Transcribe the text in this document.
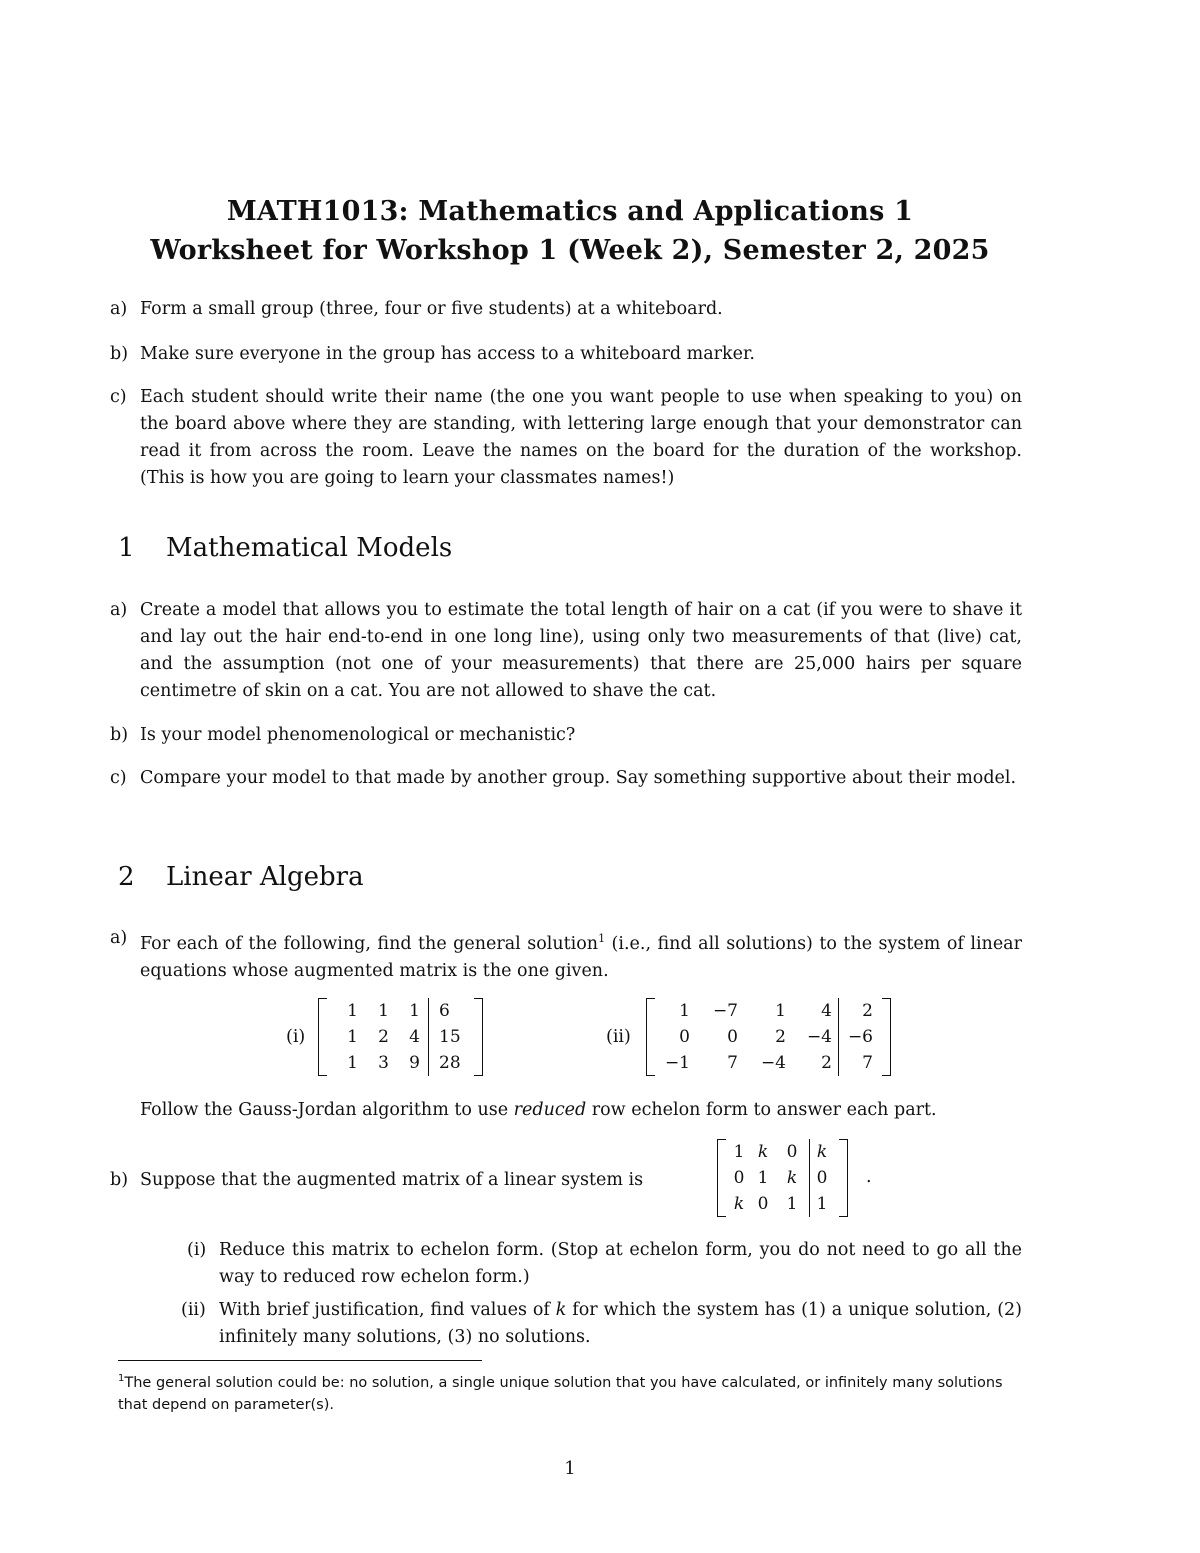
MATH1013: Mathematics and Applications 1
Worksheet for Workshop 1 (Week 2), Semester 2, 2025
a) Form a small group (three, four or five students) at a whiteboard.
b) Make sure everyone in the group has access to a whiteboard marker.
c) Each student should write their name (the one you want people to use when speaking to you) on the board above where they are standing, with lettering large enough that your demonstrator can read it from across the room. Leave the names on the board for the duration of the workshop. (This is how you are going to learn your classmates names!)
1 Mathematical Models
a) Create a model that allows you to estimate the total length of hair on a cat (if you were to shave it and lay out the hair end-to-end in one long line), using only two measurements of that (live) cat, and the assumption (not one of your measurements) that there are 25,000 hairs per square centimetre of skin on a cat. You are not allowed to shave the cat.
b) Is your model phenomenological or mechanistic?
c) Compare your model to that made by another group. Say something supportive about their model.
2 Linear Algebra
a) For each of the following, find the general solution$^1$ (i.e., find all solutions) to the system of linear equations whose augmented matrix is the one given.
(i)
1	1	1	6
1	2	4	15
1	3	9	28
(ii)
1	−7	1	4	2
0	0	2	−4	−6
−1	7	−4	2	7
Follow the Gauss-Jordan algorithm to use reduced row echelon form to answer each part.
b) Suppose that the augmented matrix of a linear system is
1	k	0	k
0	1	k	0
k	0	1	1
.
(i) Reduce this matrix to echelon form. (Stop at echelon form, you do not need to go all the way to reduced row echelon form.)
(ii) With brief justification, find values of k for which the system has (1) a unique solution, (2) infinitely many solutions, (3) no solutions.
$^1$The general solution could be: no solution, a single unique solution that you have calculated, or infinitely many solutions that depend on parameter(s).
1
